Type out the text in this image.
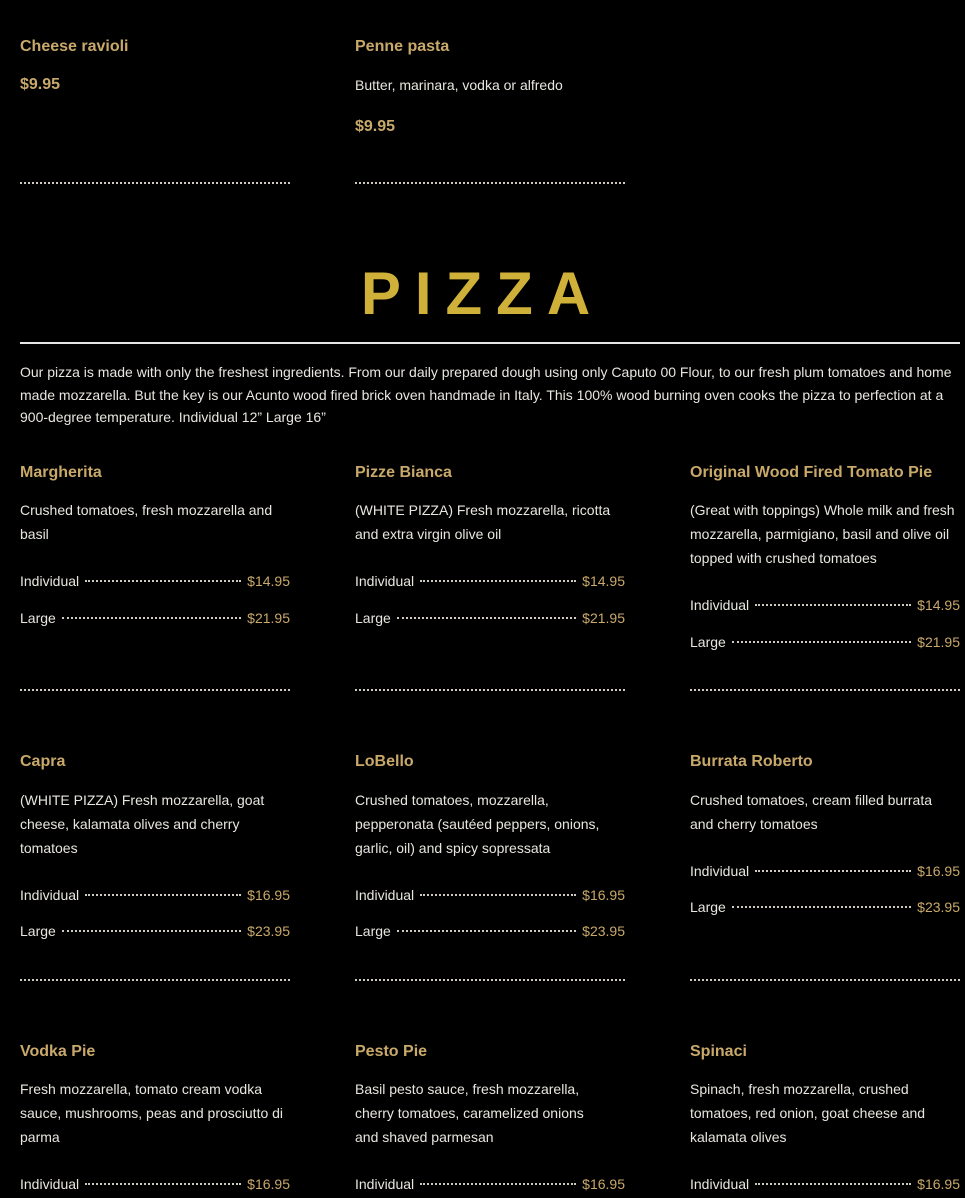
Cheese ravioli
$9.95
Penne pasta

Butter, marinara, vodka or alfredo

$9.95
PIZZA

Our pizza is made with only the freshest ingredients. From our daily prepared dough using only Caputo 00 Flour, to our fresh plum tomatoes and home made mozzarella. But the key is our Acunto wood fired brick oven handmade in Italy. This 100% wood burning oven cooks the pizza to perfection at a 900-degree temperature. Individual 12” Large 16”

Margherita

Crushed tomatoes, fresh mozzarella and basil

Individual	$14.95
Large	$21.95
Pizze Bianca

(WHITE PIZZA) Fresh mozzarella, ricotta and extra virgin olive oil

Individual	$14.95
Large	$21.95
Original Wood Fired Tomato Pie

(Great with toppings) Whole milk and fresh mozzarella, parmigiano, basil and olive oil topped with crushed tomatoes

Individual	$14.95
Large	$21.95
Capra

(WHITE PIZZA) Fresh mozzarella, goat cheese, kalamata olives and cherry tomatoes

Individual	$16.95
Large	$23.95
LoBello

Crushed tomatoes, mozzarella, pepperonata (sautéed peppers, onions, garlic, oil) and spicy sopressata

Individual	$16.95
Large	$23.95
Burrata Roberto

Crushed tomatoes, cream filled burrata and cherry tomatoes

Individual	$16.95
Large	$23.95
Vodka Pie

Fresh mozzarella, tomato cream vodka sauce, mushrooms, peas and prosciutto di parma

Individual	$16.95
Pesto Pie

Basil pesto sauce, fresh mozzarella, cherry tomatoes, caramelized onions and shaved parmesan

Individual	$16.95
Spinaci

Spinach, fresh mozzarella, crushed tomatoes, red onion, goat cheese and kalamata olives

Individual	$16.95
